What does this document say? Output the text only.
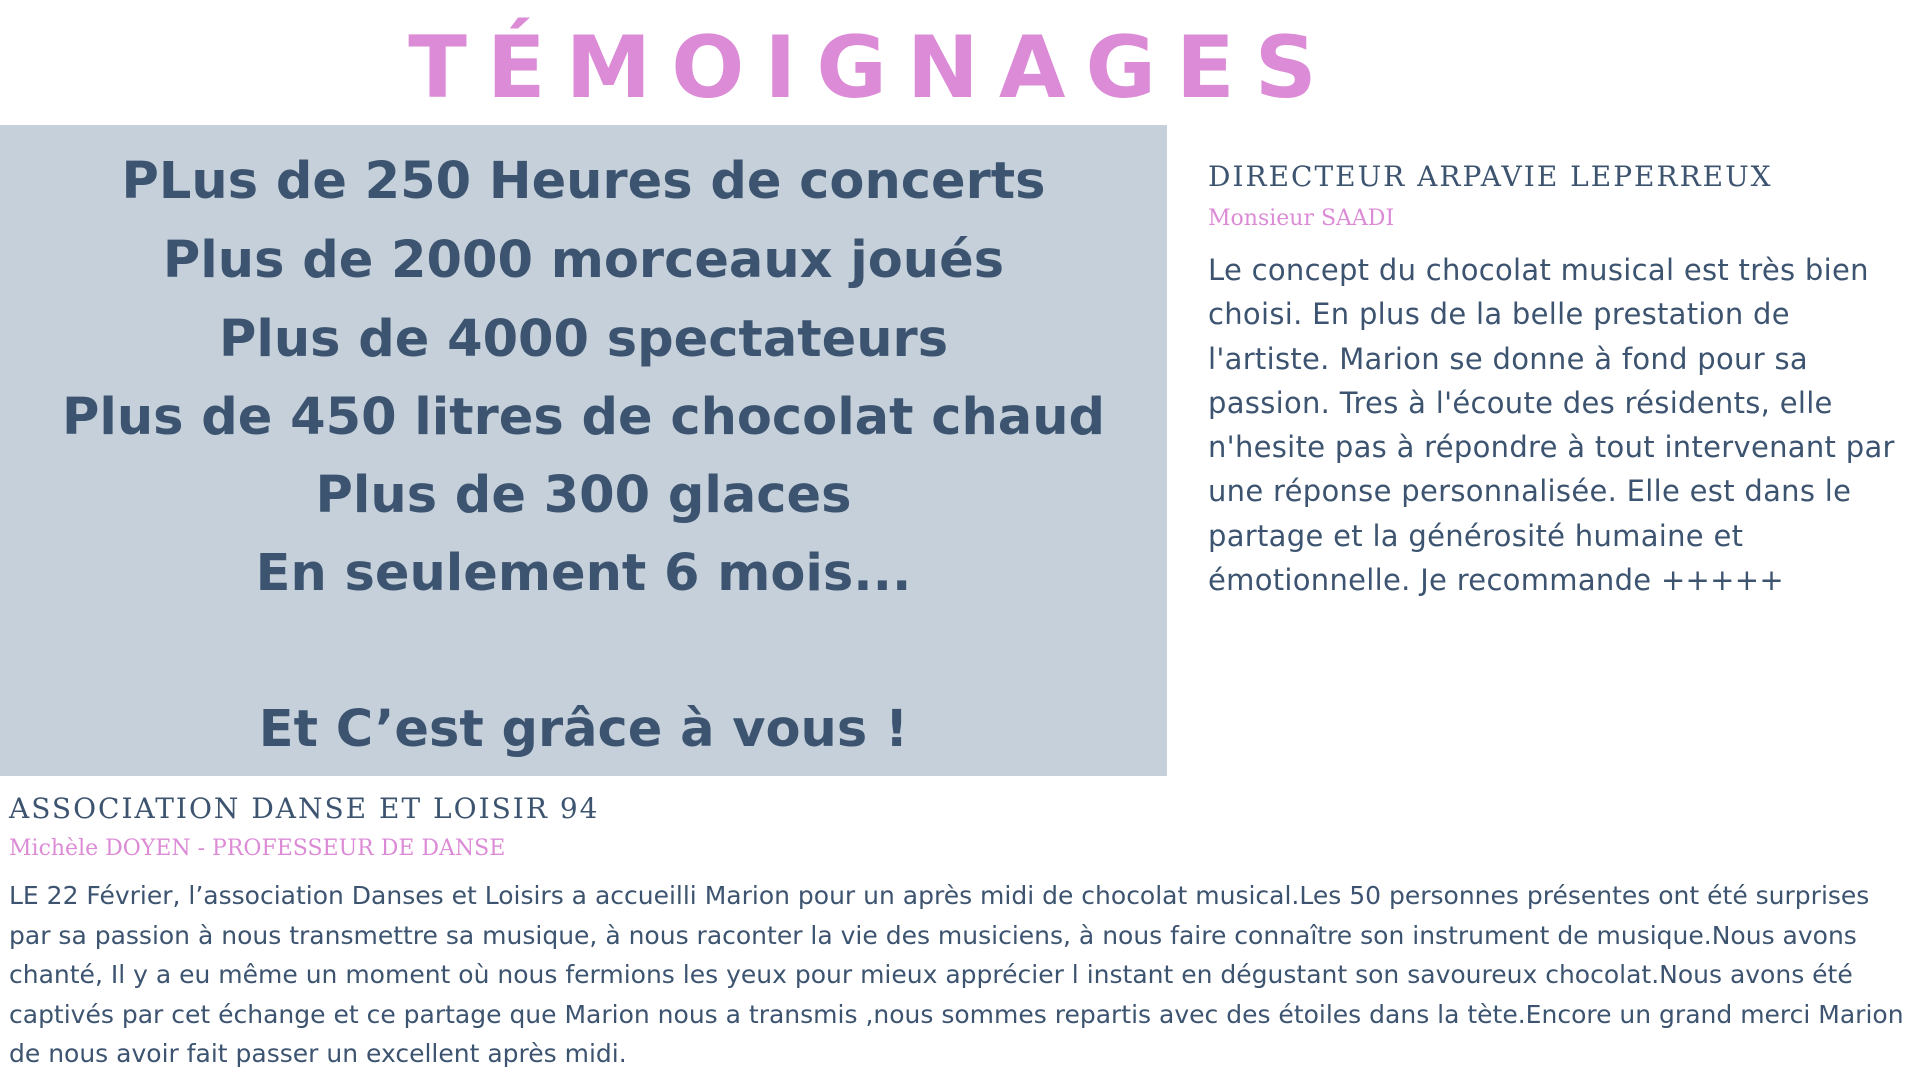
TÉMOIGNAGES
PLus de 250 Heures de concerts
Plus de 2000 morceaux joués
Plus de 4000 spectateurs
Plus de 450 litres de chocolat chaud
Plus de 300 glaces
En seulement 6 mois...
Et C’est grâce à vous !
DIRECTEUR ARPAVIE LEPERREUX
Monsieur SAADI

Le concept du chocolat musical est très bien choisi. En plus de la belle prestation de l'artiste. Marion se donne à fond pour sa passion. Tres à l'écoute des résidents, elle n'hesite pas à répondre à tout intervenant par une réponse personnalisée. Elle est dans le partage et la générosité humaine et émotionnelle. Je recommande +++++

ASSOCIATION DANSE ET LOISIR 94
Michèle DOYEN - PROFESSEUR DE DANSE

LE 22 Février, l’association Danses et Loisirs a accueilli Marion pour un après midi de chocolat musical.Les 50 personnes présentes ont été surprises par sa passion à nous transmettre sa musique, à nous raconter la vie des musiciens, à nous faire connaître son instrument de musique.Nous avons chanté, Il y a eu même un moment où nous fermions les yeux pour mieux apprécier l instant en dégustant son savoureux chocolat.Nous avons été captivés par cet échange et ce partage que Marion nous a transmis ,nous sommes repartis avec des étoiles dans la tète.Encore un grand merci Marion de nous avoir fait passer un excellent après midi.
